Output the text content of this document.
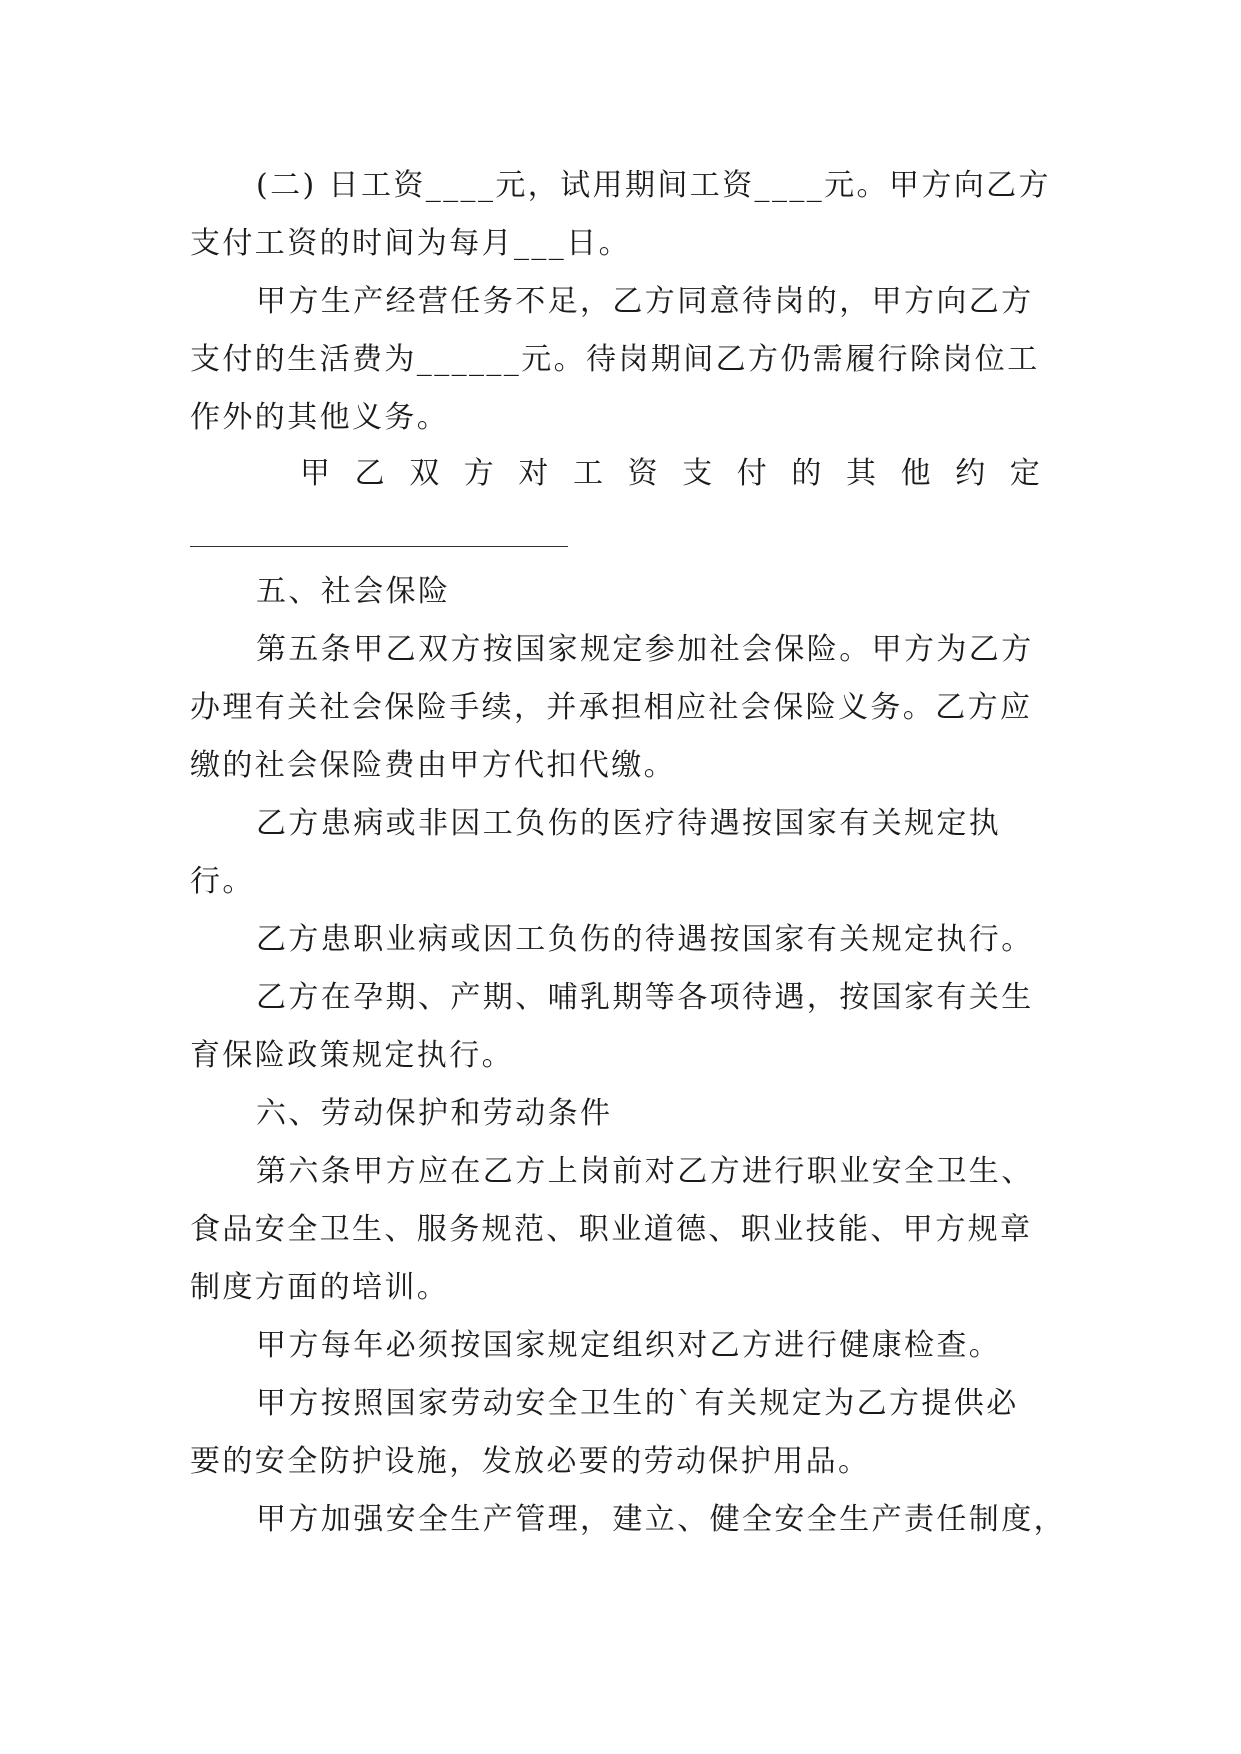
(二) 日工资____元，试用期间工资____元。甲方向乙方
支付工资的时间为每月___日。
甲方生产经营任务不足，乙方同意待岗的，甲方向乙方
支付的生活费为______元。待岗期间乙方仍需履行除岗位工
作外的其他义务。
甲乙双方对工资支付的其他约定
五、社会保险
第五条甲乙双方按国家规定参加社会保险。甲方为乙方
办理有关社会保险手续，并承担相应社会保险义务。乙方应
缴的社会保险费由甲方代扣代缴。
乙方患病或非因工负伤的医疗待遇按国家有关规定执
行。
乙方患职业病或因工负伤的待遇按国家有关规定执行。
乙方在孕期、产期、哺乳期等各项待遇，按国家有关生
育保险政策规定执行。
六、劳动保护和劳动条件
第六条甲方应在乙方上岗前对乙方进行职业安全卫生、
食品安全卫生、服务规范、职业道德、职业技能、甲方规章
制度方面的培训。
甲方每年必须按国家规定组织对乙方进行健康检查。
甲方按照国家劳动安全卫生的`有关规定为乙方提供必
要的安全防护设施，发放必要的劳动保护用品。
甲方加强安全生产管理，建立、健全安全生产责任制度，
